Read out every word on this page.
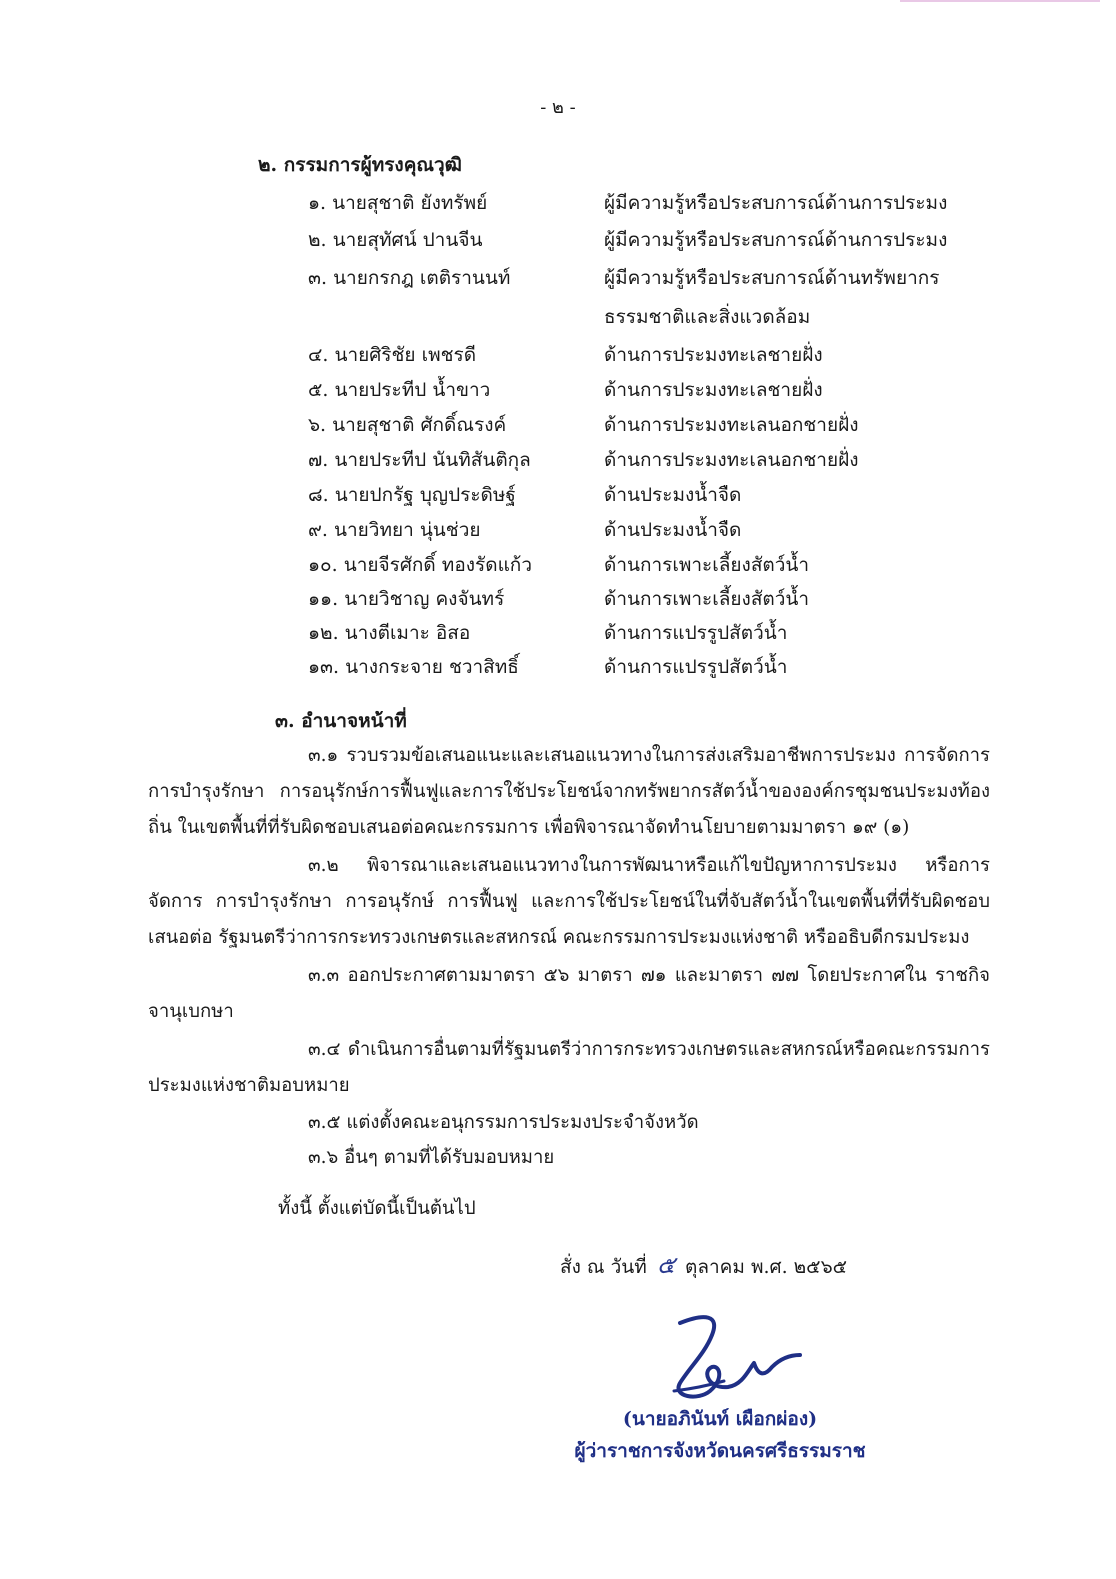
- ๒ -
๒. กรรมการผู้ทรงคุณวุฒิ
๑. นายสุชาติ ยังทรัพย์	ผู้มีความรู้หรือประสบการณ์ด้านการประมง
๒. นายสุทัศน์ ปานจีน	ผู้มีความรู้หรือประสบการณ์ด้านการประมง
๓. นายกรกฎ เตติรานนท์	ผู้มีความรู้หรือประสบการณ์ด้านทรัพยากร
ธรรมชาติและสิ่งแวดล้อม
๔. นายศิริชัย เพชรดี	ด้านการประมงทะเลชายฝั่ง
๕. นายประทีป น้ำขาว	ด้านการประมงทะเลชายฝั่ง
๖. นายสุชาติ ศักดิ์ณรงค์	ด้านการประมงทะเลนอกชายฝั่ง
๗. นายประทีป นันทิสันติกุล	ด้านการประมงทะเลนอกชายฝั่ง
๘. นายปกรัฐ บุญประดิษฐ์	ด้านประมงน้ำจืด
๙. นายวิทยา นุ่นช่วย	ด้านประมงน้ำจืด
๑๐. นายจีรศักดิ์ ทองรัดแก้ว	ด้านการเพาะเลี้ยงสัตว์น้ำ
๑๑. นายวิชาญ คงจันทร์	ด้านการเพาะเลี้ยงสัตว์น้ำ
๑๒. นางตีเมาะ อิสอ	ด้านการแปรรูปสัตว์น้ำ
๑๓. นางกระจาย ชวาสิทธิ์	ด้านการแปรรูปสัตว์น้ำ
๓. อำนาจหน้าที่
๓.๑ รวบรวมข้อเสนอแนะและเสนอแนวทางในการส่งเสริมอาชีพการประมง การจัดการ การบำรุงรักษา การอนุรักษ์การฟื้นฟูและการใช้ประโยชน์จากทรัพยากรสัตว์น้ำขององค์กรชุมชนประมงท้องถิ่น ในเขตพื้นที่ที่รับผิดชอบเสนอต่อคณะกรรมการ เพื่อพิจารณาจัดทำนโยบายตามมาตรา ๑๙ (๑)
๓.๒ พิจารณาและเสนอแนวทางในการพัฒนาหรือแก้ไขปัญหาการประมง หรือการจัดการ การบำรุงรักษา การอนุรักษ์ การฟื้นฟู และการใช้ประโยชน์ในที่จับสัตว์น้ำในเขตพื้นที่ที่รับผิดชอบเสนอต่อ รัฐมนตรีว่าการกระทรวงเกษตรและสหกรณ์ คณะกรรมการประมงแห่งชาติ หรืออธิบดีกรมประมง
๓.๓ ออกประกาศตามมาตรา ๕๖ มาตรา ๗๑ และมาตรา ๗๗ โดยประกาศใน ราชกิจจานุเบกษา
๓.๔ ดำเนินการอื่นตามที่รัฐมนตรีว่าการกระทรวงเกษตรและสหกรณ์หรือคณะกรรมการ ประมงแห่งชาติมอบหมาย
๓.๕ แต่งตั้งคณะอนุกรรมการประมงประจำจังหวัด
๓.๖ อื่นๆ ตามที่ได้รับมอบหมาย
ทั้งนี้ ตั้งแต่บัดนี้เป็นต้นไป
สั่ง ณ วันที่ ๕ ตุลาคม พ.ศ. ๒๕๖๕
(นายอภินันท์ เผือกผ่อง)
ผู้ว่าราชการจังหวัดนครศรีธรรมราช
